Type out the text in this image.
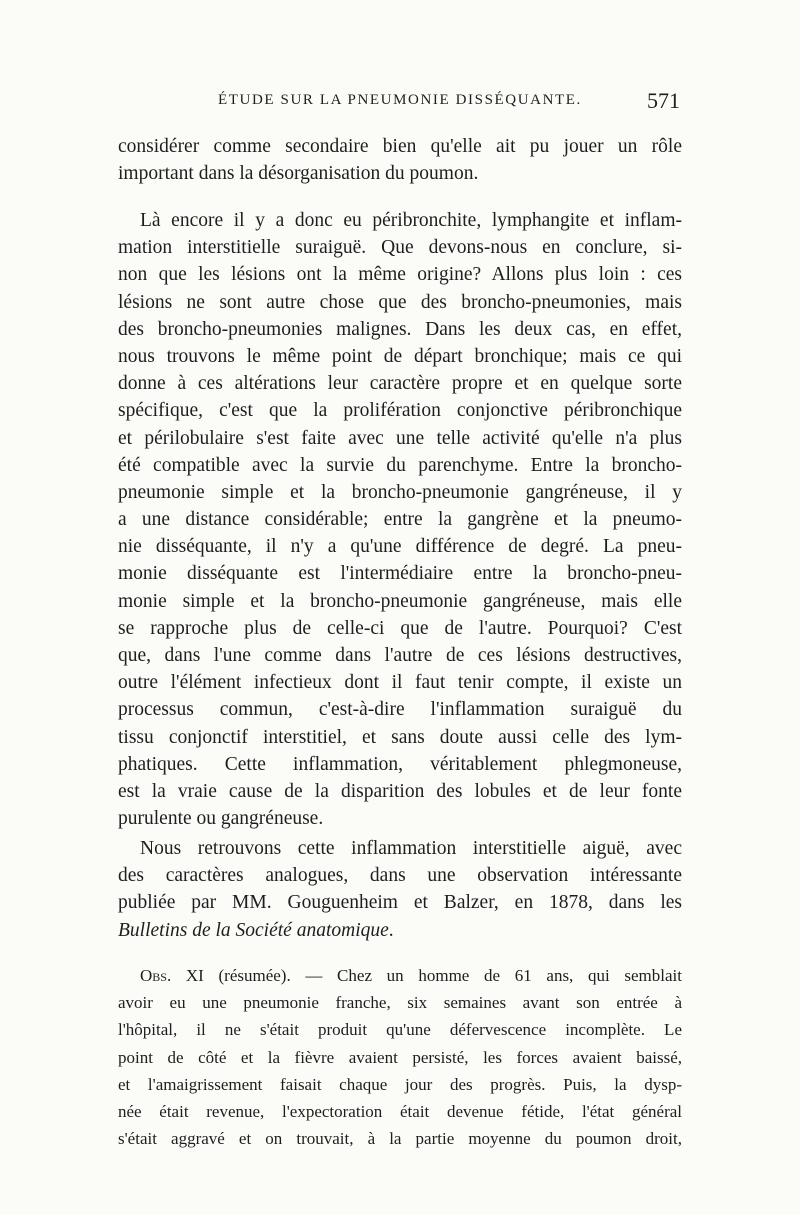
ÉTUDE SUR LA PNEUMONIE DISSÉQUANTE.	571
considérer comme secondaire bien qu'elle ait pu jouer un rôle
important dans la désorganisation du poumon.
Là encore il y a donc eu péribronchite, lymphangite et inflam-
mation interstitielle suraiguë. Que devons-nous en conclure, si-
non que les lésions ont la même origine? Allons plus loin : ces
lésions ne sont autre chose que des broncho-pneumonies, mais
des broncho-pneumonies malignes. Dans les deux cas, en effet,
nous trouvons le même point de départ bronchique; mais ce qui
donne à ces altérations leur caractère propre et en quelque sorte
spécifique, c'est que la prolifération conjonctive péribronchique
et périlobulaire s'est faite avec une telle activité qu'elle n'a plus
été compatible avec la survie du parenchyme. Entre la broncho-
pneumonie simple et la broncho-pneumonie gangréneuse, il y
a une distance considérable; entre la gangrène et la pneumo-
nie disséquante, il n'y a qu'une différence de degré. La pneu-
monie disséquante est l'intermédiaire entre la broncho-pneu-
monie simple et la broncho-pneumonie gangréneuse, mais elle
se rapproche plus de celle-ci que de l'autre. Pourquoi? C'est
que, dans l'une comme dans l'autre de ces lésions destructives,
outre l'élément infectieux dont il faut tenir compte, il existe un
processus commun, c'est-à-dire l'inflammation suraiguë du
tissu conjonctif interstitiel, et sans doute aussi celle des lym-
phatiques. Cette inflammation, véritablement phlegmoneuse,
est la vraie cause de la disparition des lobules et de leur fonte
purulente ou gangréneuse.
Nous retrouvons cette inflammation interstitielle aiguë, avec
des caractères analogues, dans une observation intéressante
publiée par MM. Gouguenheim et Balzer, en 1878, dans les
Bulletins de la Société anatomique.
Obs. XI (résumée). — Chez un homme de 61 ans, qui semblait
avoir eu une pneumonie franche, six semaines avant son entrée à
l'hôpital, il ne s'était produit qu'une défervescence incomplète. Le
point de côté et la fièvre avaient persisté, les forces avaient baissé,
et l'amaigrissement faisait chaque jour des progrès. Puis, la dysp-
née était revenue, l'expectoration était devenue fétide, l'état général
s'était aggravé et on trouvait, à la partie moyenne du poumon droit,
